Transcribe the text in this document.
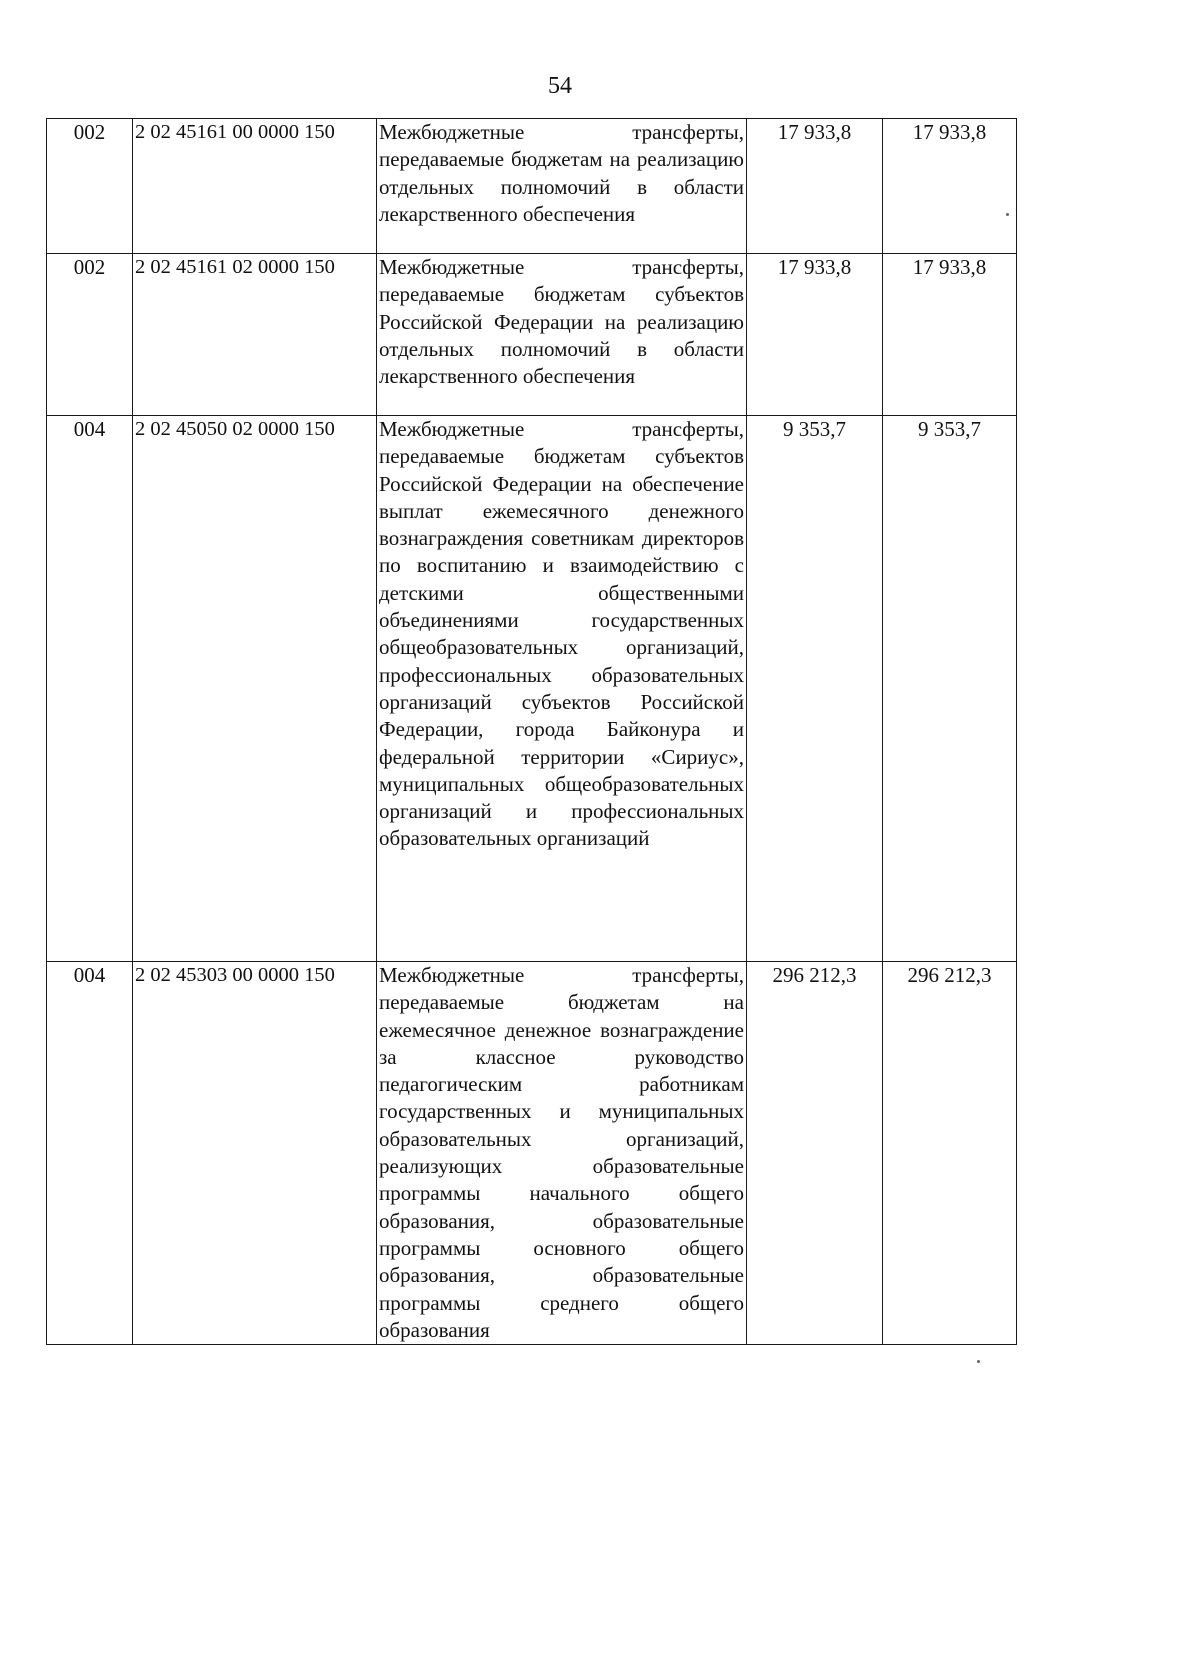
54
002	2 02 45161 00 0000 150	Межбюджетные трансферты, передаваемые бюджетам на реализацию отдельных полномочий в области лекарственного обеспечения	17 933,8	17 933,8
002	2 02 45161 02 0000 150	Межбюджетные трансферты, передаваемые бюджетам субъектов Российской Федерации на реализацию отдельных полномочий в области лекарственного обеспечения	17 933,8	17 933,8
004	2 02 45050 02 0000 150	Межбюджетные трансферты, передаваемые бюджетам субъектов Российской Федерации на обеспечение выплат ежемесячного денежного вознаграждения советникам директоров по воспитанию и взаимодействию с детскими общественными объединениями государственных общеобразовательных организаций, профессиональных образовательных организаций субъектов Российской Федерации, города Байконура и федеральной территории «Сириус», муниципальных общеобразовательных организаций и профессиональных образовательных организаций	9 353,7	9 353,7
004	2 02 45303 00 0000 150	Межбюджетные трансферты, передаваемые бюджетам на ежемесячное денежное вознаграждение за классное руководство педагогическим работникам государственных и муниципальных образовательных организаций, реализующих образовательные программы начального общего образования, образовательные программы основного общего образования, образовательные программы среднего общего образования	296 212,3	296 212,3
